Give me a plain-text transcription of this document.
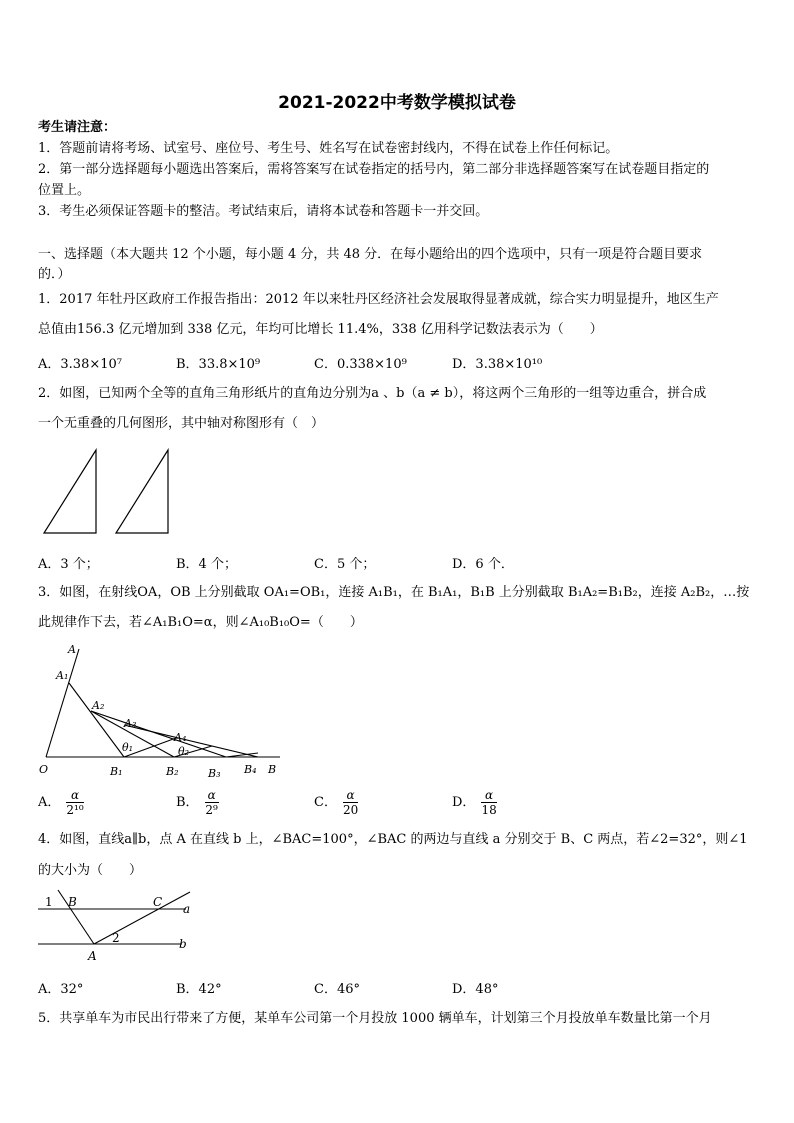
2021-2022中考数学模拟试卷
考生请注意：
1．答题前请将考场、试室号、座位号、考生号、姓名写在试卷密封线内，不得在试卷上作任何标记。
2．第一部分选择题每小题选出答案后，需将答案写在试卷指定的括号内，第二部分非选择题答案写在试卷题目指定的
位置上。
3．考生必须保证答题卡的整洁。考试结束后，请将本试卷和答题卡一并交回。
一、选择题（本大题共 12 个小题，每小题 4 分，共 48 分．在每小题给出的四个选项中，只有一项是符合题目要求
的．）
1．2017 年牡丹区政府工作报告指出：2012 年以来牡丹区经济社会发展取得显著成就，综合实力明显提升，地区生产
总值由156.3 亿元增加到 338 亿元，年均可比增长 11.4%，338 亿用科学记数法表示为（　　）
A．3.38×10⁷	B．33.8×10⁹	C．0.338×10⁹	D．3.38×10¹⁰
2．如图，已知两个全等的直角三角形纸片的直角边分别为a 、b（a ≠ b），将这两个三角形的一组等边重合，拼合成
一个无重叠的几何图形，其中轴对称图形有（　）
A．3 个；	B．4 个；	C．5 个；	D．6 个．
3．如图，在射线OA，OB 上分别截取 OA₁=OB₁，连接 A₁B₁，在 B₁A₁，B₁B 上分别截取 B₁A₂=B₁B₂，连接 A₂B₂，…按
此规律作下去，若∠A₁B₁O=α，则∠A₁₀B₁₀O=（　　）
A
A₁
A₂
A₃
A₄
θ₁	θ₂
O	B₁	B₂	B₃ B₄ B
A． $\frac{\alpha}{\text{2¹⁰}}$	B． $\frac{\alpha}{\text{2⁹}}$	C． $\frac{\alpha}{20}$	D． $\frac{\alpha}{18}$
4．如图，直线a∥b，点 A 在直线 b 上，∠BAC=100°，∠BAC 的两边与直线 a 分别交于 B、C 两点，若∠2=32°，则∠1
的大小为（　　）
1 B	C a
2	b
A
A．32°	B．42°	C．46°	D．48°
5．共享单车为市民出行带来了方便，某单车公司第一个月投放 1000 辆单车，计划第三个月投放单车数量比第一个月
